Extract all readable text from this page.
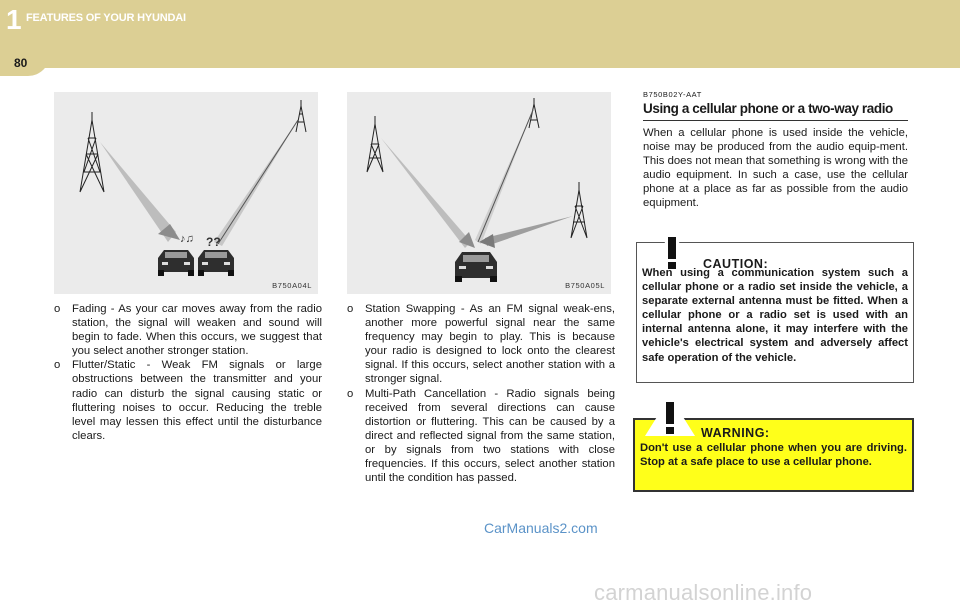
1 FEATURES OF YOUR HYUNDAI
80
♪♫ ??
B750A04L	B750A05L
o Fading - As your car moves away from the radio station, the signal will weaken and sound will begin to fade. When this occurs, we suggest that you select another stronger station.
o Flutter/Static - Weak FM signals or large obstructions between the transmitter and your radio can disturb the signal causing static or fluttering noises to occur. Reducing the treble level may lessen this effect until the disturbance clears.
o Station Swapping - As an FM signal weak-ens, another more powerful signal near the same frequency may begin to play. This is because your radio is designed to lock onto the clearest signal. If this occurs, select another station with a stronger signal.
o Multi-Path Cancellation - Radio signals being received from several directions can cause distortion or fluttering. This can be caused by a direct and reflected signal from the same station, or by signals from two stations with close frequencies. If this occurs, select another station until the condition has passed.
B750B02Y-AAT
Using a cellular phone or a two-way radio

When a cellular phone is used inside the vehicle, noise may be produced from the audio equip-ment. This does not mean that something is wrong with the audio equipment. In such a case, use the cellular phone at a place as far as possible from the audio equipment.

CAUTION:

When using a communication system such a cellular phone or a radio set inside the vehicle, a separate external antenna must be fitted. When a cellular phone or a radio set is used with an internal antenna alone, it may interfere with the vehicle's electrical system and adversely affect safe operation of the vehicle.

WARNING:

Don't use a cellular phone when you are driving. Stop at a safe place to use a cellular phone.

CarManuals2.com
carmanualsonline.info
